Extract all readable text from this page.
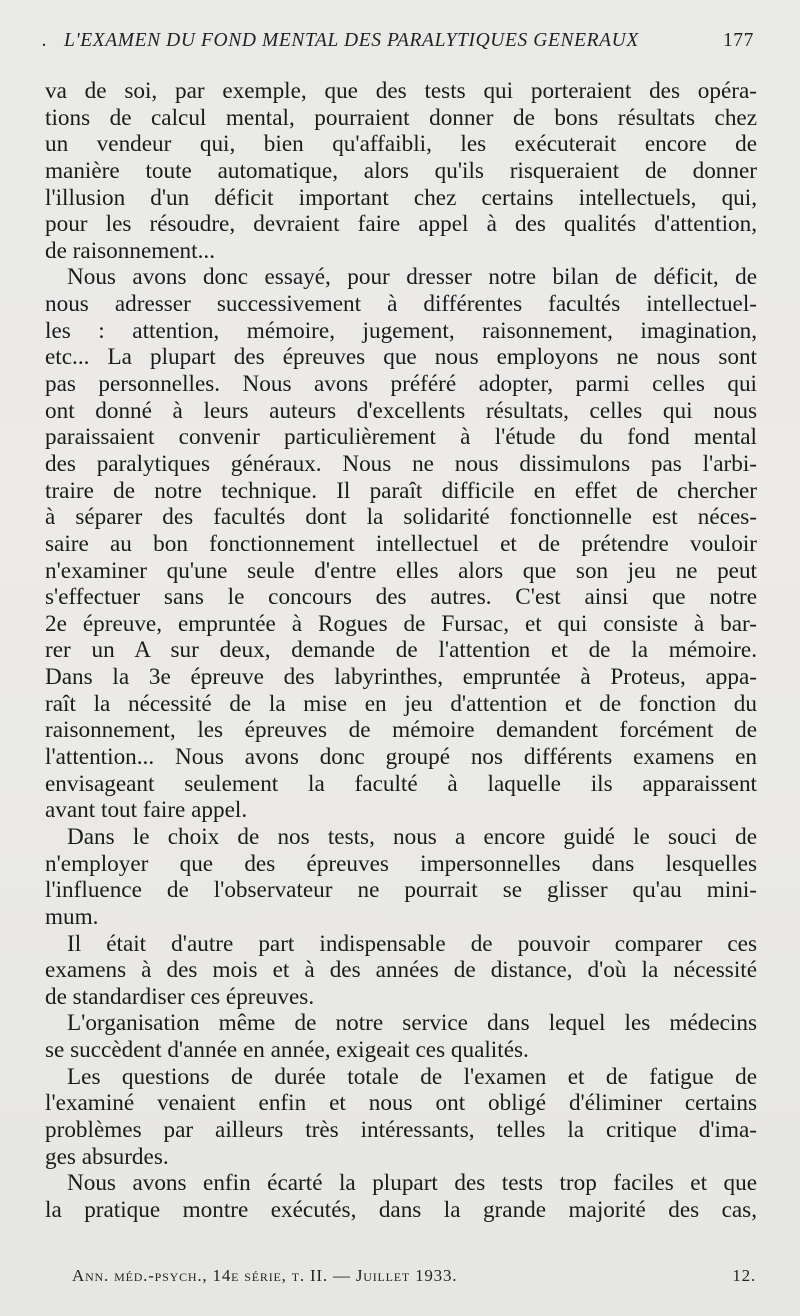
. L'EXAMEN DU FOND MENTAL DES PARALYTIQUES GENERAUX	177
va de soi, par exemple, que des tests qui porteraient des opéra-
tions de calcul mental, pourraient donner de bons résultats chez
un vendeur qui, bien qu'affaibli, les exécuterait encore de
manière toute automatique, alors qu'ils risqueraient de donner
l'illusion d'un déficit important chez certains intellectuels, qui,
pour les résoudre, devraient faire appel à des qualités d'attention,
de raisonnement...
Nous avons donc essayé, pour dresser notre bilan de déficit, de
nous adresser successivement à différentes facultés intellectuel-
les : attention, mémoire, jugement, raisonnement, imagination,
etc... La plupart des épreuves que nous employons ne nous sont
pas personnelles. Nous avons préféré adopter, parmi celles qui
ont donné à leurs auteurs d'excellents résultats, celles qui nous
paraissaient convenir particulièrement à l'étude du fond mental
des paralytiques généraux. Nous ne nous dissimulons pas l'arbi-
traire de notre technique. Il paraît difficile en effet de chercher
à séparer des facultés dont la solidarité fonctionnelle est néces-
saire au bon fonctionnement intellectuel et de prétendre vouloir
n'examiner qu'une seule d'entre elles alors que son jeu ne peut
s'effectuer sans le concours des autres. C'est ainsi que notre
2e épreuve, empruntée à Rogues de Fursac, et qui consiste à bar-
rer un A sur deux, demande de l'attention et de la mémoire.
Dans la 3e épreuve des labyrinthes, empruntée à Proteus, appa-
raît la nécessité de la mise en jeu d'attention et de fonction du
raisonnement, les épreuves de mémoire demandent forcément de
l'attention... Nous avons donc groupé nos différents examens en
envisageant seulement la faculté à laquelle ils apparaissent
avant tout faire appel.
Dans le choix de nos tests, nous a encore guidé le souci de
n'employer que des épreuves impersonnelles dans lesquelles
l'influence de l'observateur ne pourrait se glisser qu'au mini-
mum.
Il était d'autre part indispensable de pouvoir comparer ces
examens à des mois et à des années de distance, d'où la nécessité
de standardiser ces épreuves.
L'organisation même de notre service dans lequel les médecins
se succèdent d'année en année, exigeait ces qualités.
Les questions de durée totale de l'examen et de fatigue de
l'examiné venaient enfin et nous ont obligé d'éliminer certains
problèmes par ailleurs très intéressants, telles la critique d'ima-
ges absurdes.
Nous avons enfin écarté la plupart des tests trop faciles et que
la pratique montre exécutés, dans la grande majorité des cas,
Ann. méd.-psych., 14e série, t. II. — Juillet 1933.	12.
